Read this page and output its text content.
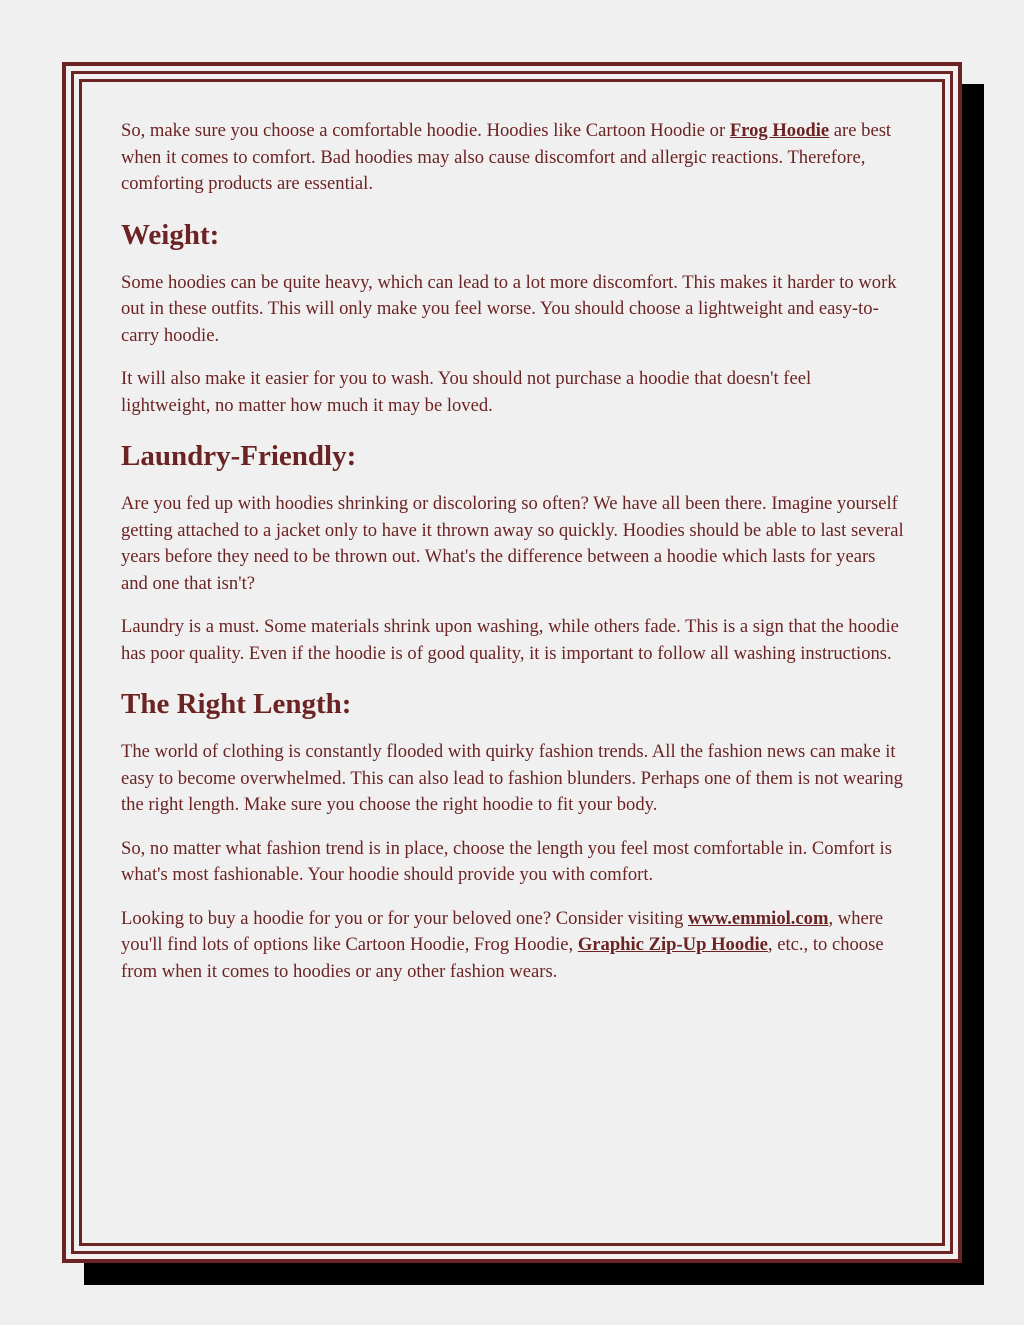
So, make sure you choose a comfortable hoodie. Hoodies like Cartoon Hoodie or Frog Hoodie are best when it comes to comfort. Bad hoodies may also cause discomfort and allergic reactions. Therefore, comforting products are essential.

Weight:

Some hoodies can be quite heavy, which can lead to a lot more discomfort. This makes it harder to work out in these outfits. This will only make you feel worse. You should choose a lightweight and easy-to-carry hoodie.

It will also make it easier for you to wash. You should not purchase a hoodie that doesn't feel lightweight, no matter how much it may be loved.

Laundry-Friendly:

Are you fed up with hoodies shrinking or discoloring so often? We have all been there. Imagine yourself getting attached to a jacket only to have it thrown away so quickly. Hoodies should be able to last several years before they need to be thrown out. What's the difference between a hoodie which lasts for years and one that isn't?

Laundry is a must. Some materials shrink upon washing, while others fade. This is a sign that the hoodie has poor quality. Even if the hoodie is of good quality, it is important to follow all washing instructions.

The Right Length:

The world of clothing is constantly flooded with quirky fashion trends. All the fashion news can make it easy to become overwhelmed. This can also lead to fashion blunders. Perhaps one of them is not wearing the right length. Make sure you choose the right hoodie to fit your body.

So, no matter what fashion trend is in place, choose the length you feel most comfortable in. Comfort is what's most fashionable. Your hoodie should provide you with comfort.

Looking to buy a hoodie for you or for your beloved one? Consider visiting www.emmiol.com, where you'll find lots of options like Cartoon Hoodie, Frog Hoodie, Graphic Zip-Up Hoodie, etc., to choose from when it comes to hoodies or any other fashion wears.
